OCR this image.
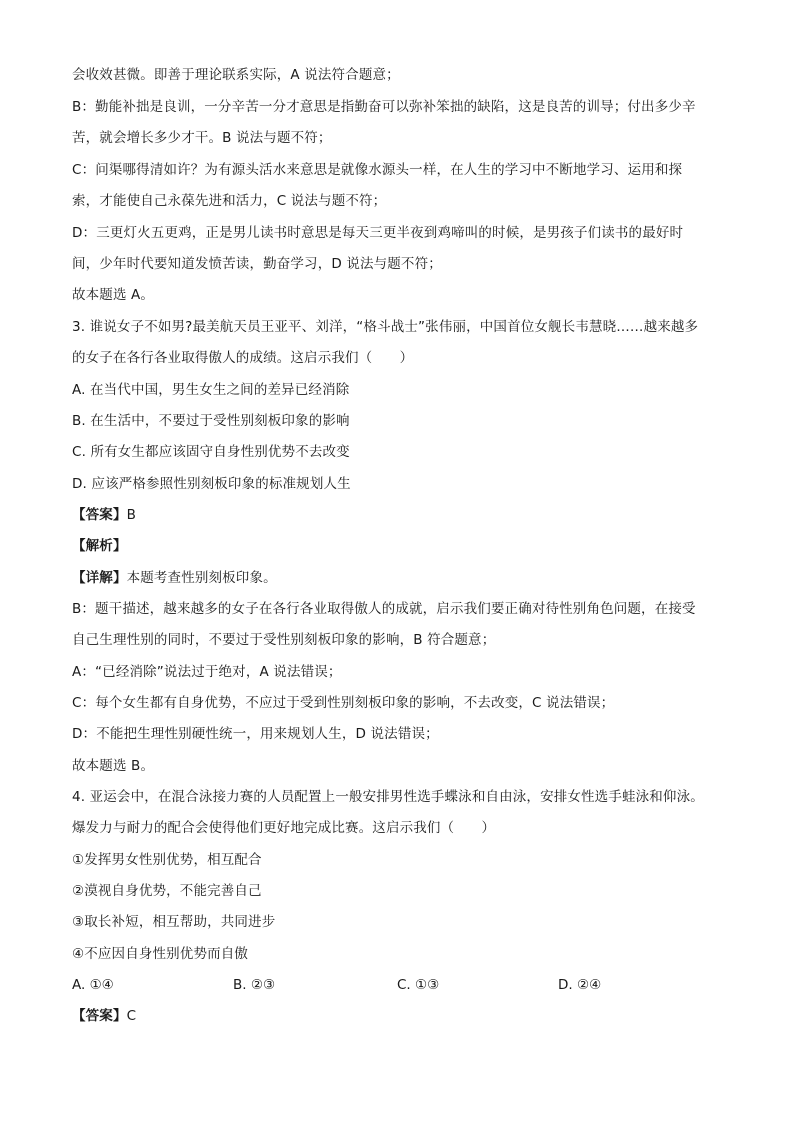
会收效甚微。即善于理论联系实际，A 说法符合题意；
B：勤能补拙是良训，一分辛苦一分才意思是指勤奋可以弥补笨拙的缺陷，这是良苦的训导；付出多少辛
苦，就会增长多少才干。B 说法与题不符；
C：问渠哪得清如许？为有源头活水来意思是就像水源头一样，在人生的学习中不断地学习、运用和探
索，才能使自己永葆先进和活力，C 说法与题不符；
D：三更灯火五更鸡，正是男儿读书时意思是每天三更半夜到鸡啼叫的时候，是男孩子们读书的最好时
间，少年时代要知道发愤苦读，勤奋学习，D 说法与题不符；
故本题选 A。
3. 谁说女子不如男?最美航天员王亚平、刘洋，“格斗战士”张伟丽，中国首位女舰长韦慧晓……越来越多
的女子在各行各业取得傲人的成绩。这启示我们（　　）
A. 在当代中国，男生女生之间的差异已经消除
B. 在生活中，不要过于受性别刻板印象的影响
C. 所有女生都应该固守自身性别优势不去改变
D. 应该严格参照性别刻板印象的标准规划人生
【答案】B
【解析】
【详解】本题考查性别刻板印象。
B：题干描述，越来越多的女子在各行各业取得傲人的成就，启示我们要正确对待性别角色问题，在接受
自己生理性别的同时，不要过于受性别刻板印象的影响，B 符合题意；
A：“已经消除”说法过于绝对，A 说法错误；
C：每个女生都有自身优势，不应过于受到性别刻板印象的影响，不去改变，C 说法错误；
D：不能把生理性别硬性统一，用来规划人生，D 说法错误；
故本题选 B。
4. 亚运会中，在混合泳接力赛的人员配置上一般安排男性选手蝶泳和自由泳，安排女性选手蛙泳和仰泳。
爆发力与耐力的配合会使得他们更好地完成比赛。这启示我们（　　）
①发挥男女性别优势，相互配合
②漠视自身优势，不能完善自己
③取长补短，相互帮助，共同进步
④不应因自身性别优势而自傲
A. ①④	B. ②③	C. ①③	D. ②④
【答案】C
